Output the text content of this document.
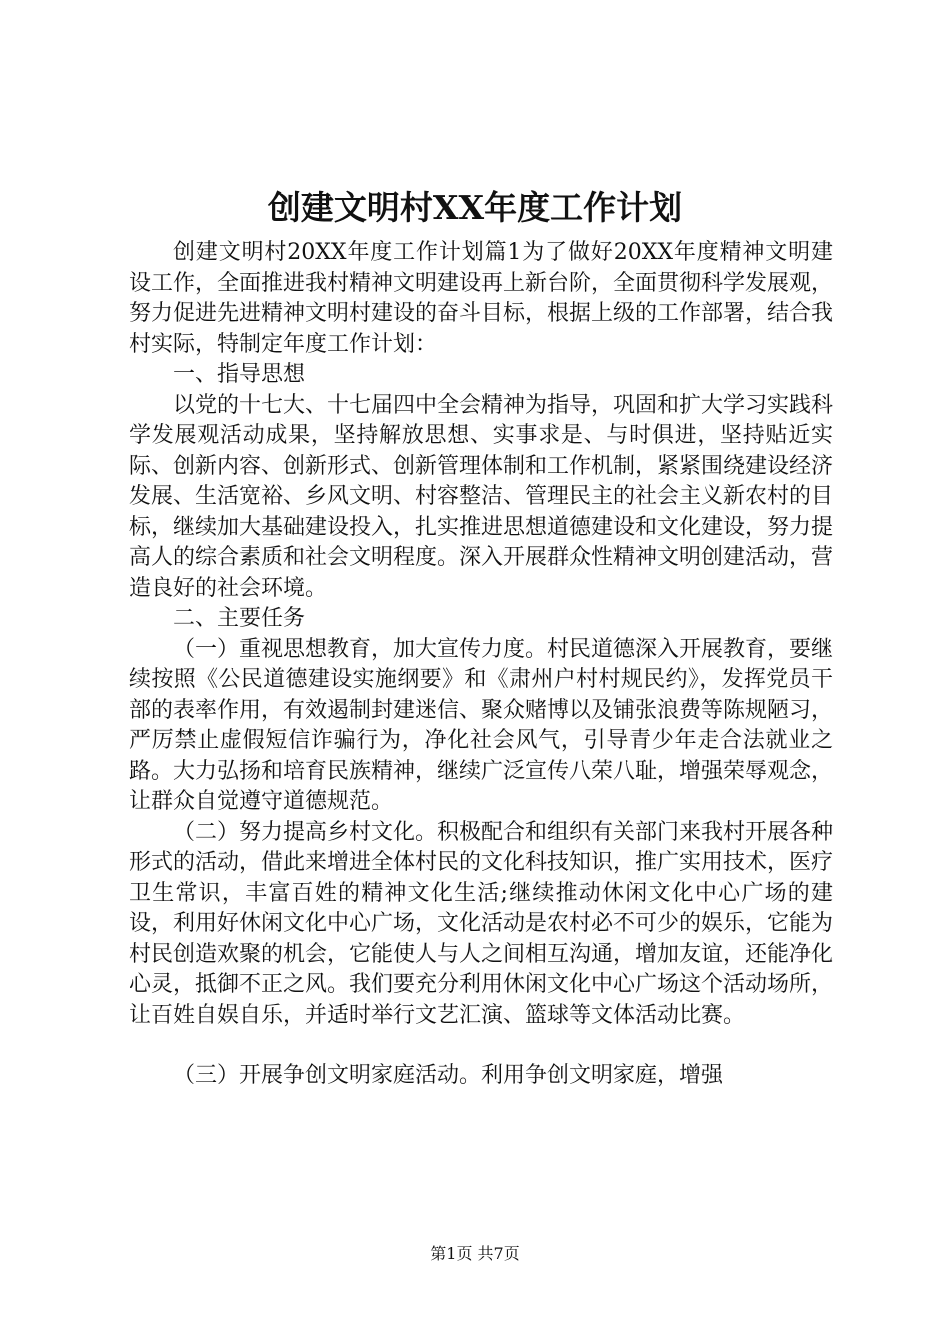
创建文明村XX年度工作计划

创建文明村20XX年度工作计划篇1为了做好20XX年度精神文明建设工作，全面推进我村精神文明建设再上新台阶，全面贯彻科学发展观，努力促进先进精神文明村建设的奋斗目标，根据上级的工作部署，结合我村实际，特制定年度工作计划：

一、指导思想

以党的十七大、十七届四中全会精神为指导，巩固和扩大学习实践科学发展观活动成果，坚持解放思想、实事求是、与时俱进，坚持贴近实际、创新内容、创新形式、创新管理体制和工作机制，紧紧围绕建设经济发展、生活宽裕、乡风文明、村容整洁、管理民主的社会主义新农村的目标，继续加大基础建设投入，扎实推进思想道德建设和文化建设，努力提高人的综合素质和社会文明程度。深入开展群众性精神文明创建活动，营造良好的社会环境。

二、主要任务

（一）重视思想教育，加大宣传力度。村民道德深入开展教育，要继续按照《公民道德建设实施纲要》和《肃州户村村规民约》，发挥党员干部的表率作用，有效遏制封建迷信、聚众赌博以及铺张浪费等陈规陋习，严厉禁止虚假短信诈骗行为，净化社会风气，引导青少年走合法就业之路。大力弘扬和培育民族精神，继续广泛宣传八荣八耻，增强荣辱观念，让群众自觉遵守道德规范。

（二）努力提高乡村文化。积极配合和组织有关部门来我村开展各种形式的活动，借此来增进全体村民的文化科技知识，推广实用技术，医疗卫生常识，丰富百姓的精神文化生活;继续推动休闲文化中心广场的建设，利用好休闲文化中心广场，文化活动是农村必不可少的娱乐，它能为村民创造欢聚的机会，它能使人与人之间相互沟通，增加友谊，还能净化心灵，抵御不正之风。我们要充分利用休闲文化中心广场这个活动场所，让百姓自娱自乐，并适时举行文艺汇演、篮球等文体活动比赛。

（三）开展争创文明家庭活动。利用争创文明家庭，增强

第1页 共7页
